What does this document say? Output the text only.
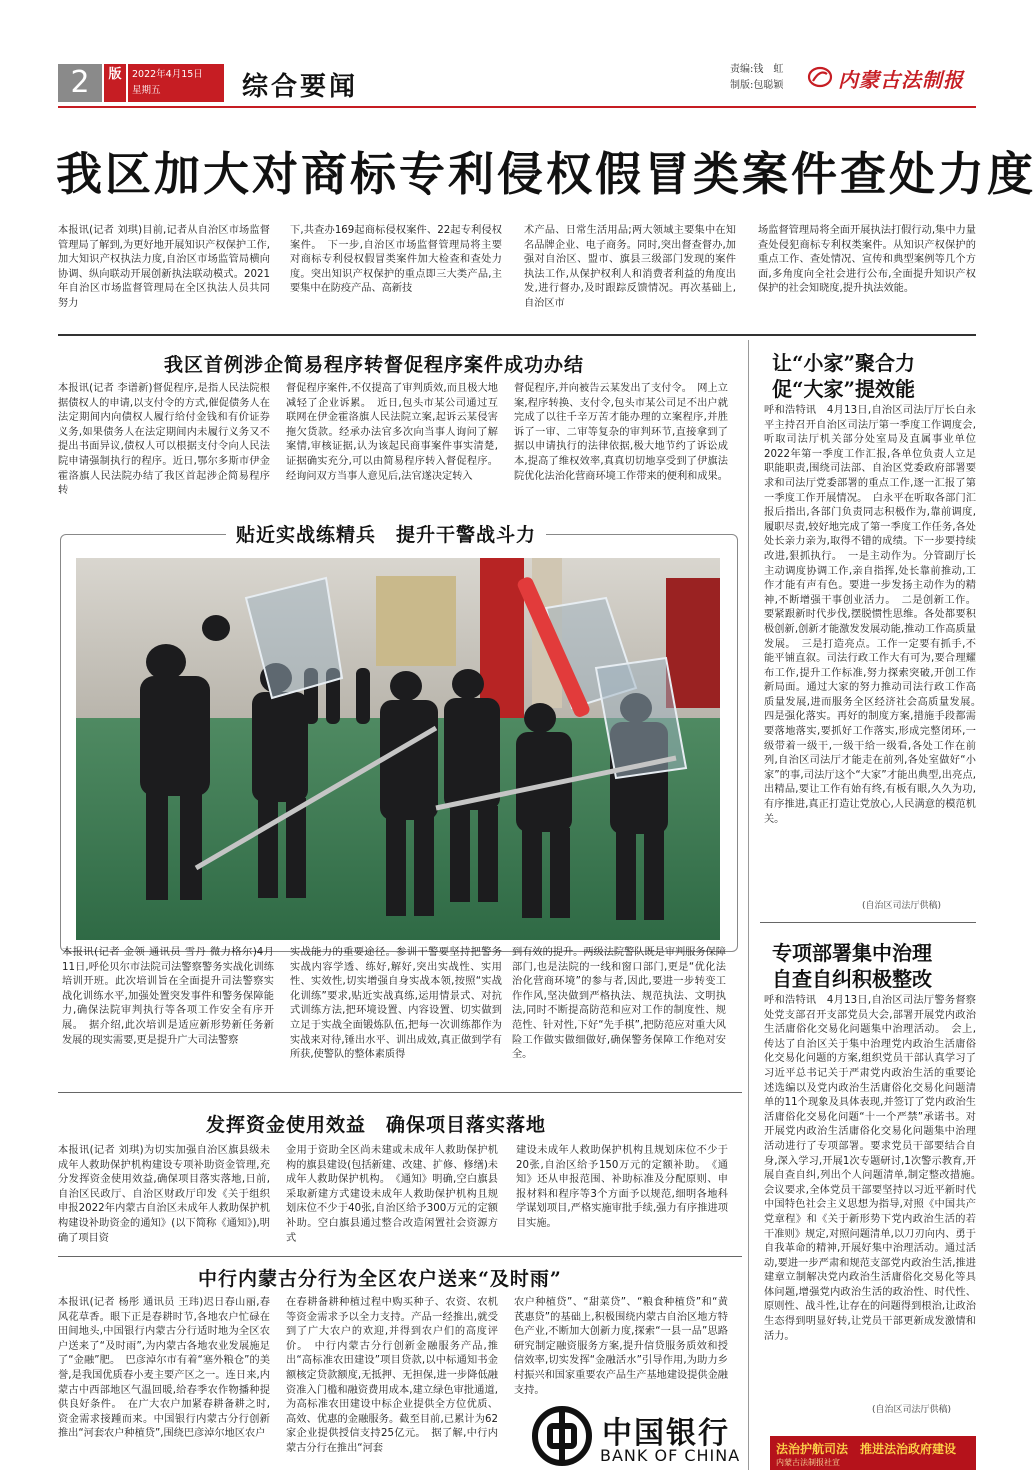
2	版	2022年4月15日
星期五	综合要闻
责编:钱　虹
制版:包聪颖	内蒙古法制报
我区加大对商标专利侵权假冒类案件查处力度
本报讯(记者 刘琪)目前,记者从自治区市场监督管理局了解到,为更好地开展知识产权保护工作,加大知识产权执法力度,自治区市场监管局横向协调、纵向联动开展创新执法联动模式。2021年自治区市场监督管理局在全区执法人员共同努力
下,共查办169起商标侵权案件、22起专利侵权案件。　下一步,自治区市场监督管理局将主要对商标专利侵权假冒类案件加大检查和查处力度。突出知识产权保护的重点即三大类产品,主要集中在防疫产品、高新技
术产品、日常生活用品;两大领域主要集中在知名品牌企业、电子商务。同时,突出督查督办,加强对自治区、盟市、旗县三级部门发现的案件执法工作,从保护权利人和消费者利益的角度出发,进行督办,及时跟踪反馈情况。再次基础上,自治区市
场监督管理局将全面开展执法打假行动,集中力量查处侵犯商标专利权类案件。从知识产权保护的重点工作、查处情况、宣传和典型案例等几个方面,多角度向全社会进行公布,全面提升知识产权保护的社会知晓度,提升执法效能。
我区首例涉企简易程序转督促程序案件成功办结
本报讯(记者 李谱新)督促程序,是指人民法院根据债权人的申请,以支付令的方式,催促债务人在法定期间内向债权人履行给付金钱和有价证券义务,如果债务人在法定期间内未履行义务又不提出书面异议,债权人可以根据支付令向人民法院申请强制执行的程序。近日,鄂尔多斯市伊金霍洛旗人民法院办结了我区首起涉企简易程序转
督促程序案件,不仅提高了审判质效,而且极大地减轻了企业诉累。　近日,包头市某公司通过互联网在伊金霍洛旗人民法院立案,起诉云某侵害拖欠货款。经承办法官多次向当事人询问了解案情,审核证据,认为该起民商事案件事实清楚,证据确实充分,可以由简易程序转入督促程序。经询问双方当事人意见后,法官遂决定转入
督促程序,并向被告云某发出了支付令。　网上立案,程序转换、支付令,包头市某公司足不出户就完成了以往千辛万苦才能办理的立案程序,并胜诉了一审、二审等复杂的审判环节,直接拿到了据以申请执行的法律依据,极大地节约了诉讼成本,提高了维权效率,真真切切地享受到了伊旗法院优化法治化营商环境工作带来的便利和成果。
贴近实战练精兵　提升干警战斗力
本报讯(记者 金领 通讯员 雪丹 微力格尔)4月11日,呼伦贝尔市法院司法警察警务实战化训练培训开班。此次培训旨在全面提升司法警察实战化训练水平,加强处置突发事件和警务保障能力,确保法院审判执行等各项工作安全有序开展。　据介绍,此次培训是适应新形势新任务新发展的现实需要,更是提升广大司法警察
实战能力的重要途径。参训干警要坚持把警务实战内容学透、练好,解好,突出实战性、实用性、实效性,切实增强自身实战本领,按照“实战化训练”要求,贴近实战真练,运用情景式、对抗式训练方法,把环境设置、内容设置、切实做到立足于实战全面锻炼队伍,把每一次训练都作为实战来对待,锤出水平、训出成效,真正做到学有所获,使警队的整体素质得
到有效的提升。两级法院警队既是审判服务保障部门,也是法院的一线和窗口部门,更是“优化法治化营商环境”的参与者,因此,要进一步转变工作作风,坚决做到严格执法、规范执法、文明执法,同时不断提高防范和应对工作的制度性、规范性、针对性,下好“先手棋”,把防范应对重大风险工作做实做细做好,确保警务保障工作绝对安全。
发挥资金使用效益　确保项目落实落地
本报讯(记者 刘琪)为切实加强自治区旗县级未成年人救助保护机构建设专项补助资金管理,充分发挥资金使用效益,确保项目落实落地,日前,自治区民政厅、自治区财政厅印发《关于组织申报2022年内蒙古自治区未成年人救助保护机构建设补助资金的通知》(以下简称《通知》),明确了项目资
金用于资助全区尚未建或未成年人救助保护机构的旗县建设(包括新建、改建、扩修、修缮)未成年人救助保护机构。　《通知》明确,空白旗县采取新建方式建设未成年人救助保护机构且规划床位不少于40张,自治区给予300万元的定额补助。空白旗县通过整合改造闲置社会资源方式
建设未成年人救助保护机构且规划床位不少于20张,自治区给予150万元的定额补助。　《通知》还从申报范围、补助标准及分配原则、申报材料和程序等3个方面予以规范,细明各地科学谋划项目,严格实施审批手续,强力有序推进项目实施。
中行内蒙古分行为全区农户送来“及时雨”
本报讯(记者 杨彤 通讯员 王玮)迟日春山丽,春风花草香。眼下正是春耕时节,各地农户忙碌在田间地头,中国银行内蒙古分行适时地为全区农户送来了“及时雨”,为内蒙古各地农业发展施足了“金融”肥。　巴彦淖尔市有着“塞外粮仓”的美誉,是我国优质春小麦主要产区之一。连日来,内蒙古中西部地区气温回暖,给春季农作物播种提供良好条件。　在广大农户加紧春耕备耕之时,资金需求接踵而来。中国银行内蒙古分行创新推出“河套农户种植贷”,围绕巴彦淖尔地区农户
在春耕备耕种植过程中购买种子、农资、农机等资金需求予以全力支持。产品一经推出,就受到了广大农户的欢迎,并得到农户们的高度评价。　中行内蒙古分行创新金融服务产品,推出“高标准农田建设”项目贷款,以中标通知书金额核定贷款额度,无抵押、无担保,进一步降低融资准入门槛和融资费用成本,建立绿色审批通道,为高标准农田建设中标企业提供全方位优质、高效、优惠的金融服务。截至目前,已累计为62家企业提供授信支持25亿元。　据了解,中行内蒙古分行在推出“河套
农户种植贷”、“甜菜贷”、“粮食种植贷”和“黄芪惠贷”的基础上,积极围绕内蒙古自治区地方特色产业,不断加大创新力度,探索“一县一品”思路研究制定融资服务方案,提升信贷服务质效和授信效率,切实发挥“金融活水”引导作用,为助力乡村振兴和国家重要农产品生产基地建设提供金融支持。
中国银行
BANK OF CHINA
让“小家”聚合力
促“大家”提效能
呼和浩特讯　4月13日,自治区司法厅厅长白永平主持召开自治区司法厅第一季度工作调度会,听取司法厅机关部分处室局及直属事业单位2022年第一季度工作汇报,各单位负责人立足职能职责,围绕司法部、自治区党委政府部署要求和司法厅党委部署的重点工作,逐一汇报了第一季度工作开展情况。　白永平在听取各部门汇报后指出,各部门负责同志积极作为,靠前调度,履职尽责,较好地完成了第一季度工作任务,各处处长亲力亲为,取得不错的成绩。下一步要持续改进,狠抓执行。　一是主动作为。分管副厅长主动调度协调工作,亲自指挥,处长靠前推动,工作才能有声有色。要进一步发扬主动作为的精神,不断增强干事创业活力。　二是创新工作。要紧跟新时代步伐,摆脱惯性思维。各处都要积极创新,创新才能激发发展动能,推动工作高质量发展。　三是打造亮点。工作一定要有抓手,不能平铺直叙。司法行政工作大有可为,要合理耀布工作,提升工作标准,努力探索突破,开创工作新局面。通过大家的努力推动司法行政工作高质量发展,进而服务全区经济社会高质量发展。　四是强化落实。再好的制度方案,措施手段都需要落地落实,要抓好工作落实,形成完整闭环,一级带着一级干,一级干给一级看,各处工作在前列,自治区司法厅才能走在前列,各处室做好“小家”的事,司法厅这个“大家”才能出典型,出亮点,出精品,要让工作有始有终,有板有眼,久久为功,有序推进,真正打造让党放心,人民满意的模范机关。
(自治区司法厅供稿)
专项部署集中治理
自查自纠积极整改
呼和浩特讯　4月13日,自治区司法厅警务督察处党支部召开支部党员大会,部署开展党内政治生活庸俗化交易化问题集中治理活动。　会上,传达了自治区关于集中治理党内政治生活庸俗化交易化问题的方案,组织党员干部认真学习了习近平总书记关于严肃党内政治生活的重要论述选编以及党内政治生活庸俗化交易化问题清单的11个现象及具体表现,并签订了党内政治生活庸俗化交易化问题“十一个严禁”承诺书。对开展党内政治生活庸俗化交易化问题集中治理活动进行了专项部署。要求党员干部要结合自身,深入学习,开展1次专题研讨,1次警示教育,开展自查自纠,列出个人问题清单,制定整改措施。　会议要求,全体党员干部要坚持以习近平新时代中国特色社会主义思想为指导,对照《中国共产党章程》和《关于新形势下党内政治生活的若干准则》规定,对照问题清单,以刀刃向内、勇于自我革命的精神,开展好集中治理活动。通过活动,要进一步严肃和规范支部党内政治生活,推进建章立制解决党内政治生活庸俗化交易化等具体问题,增强党内政治生活的政治性、时代性、原则性、战斗性,让存在的问题得到根治,让政治生态得到明显好转,让党员干部更新成发激情和活力。
(自治区司法厅供稿)
法治护航司法　推进法治政府建设
内蒙古法制报社宣
